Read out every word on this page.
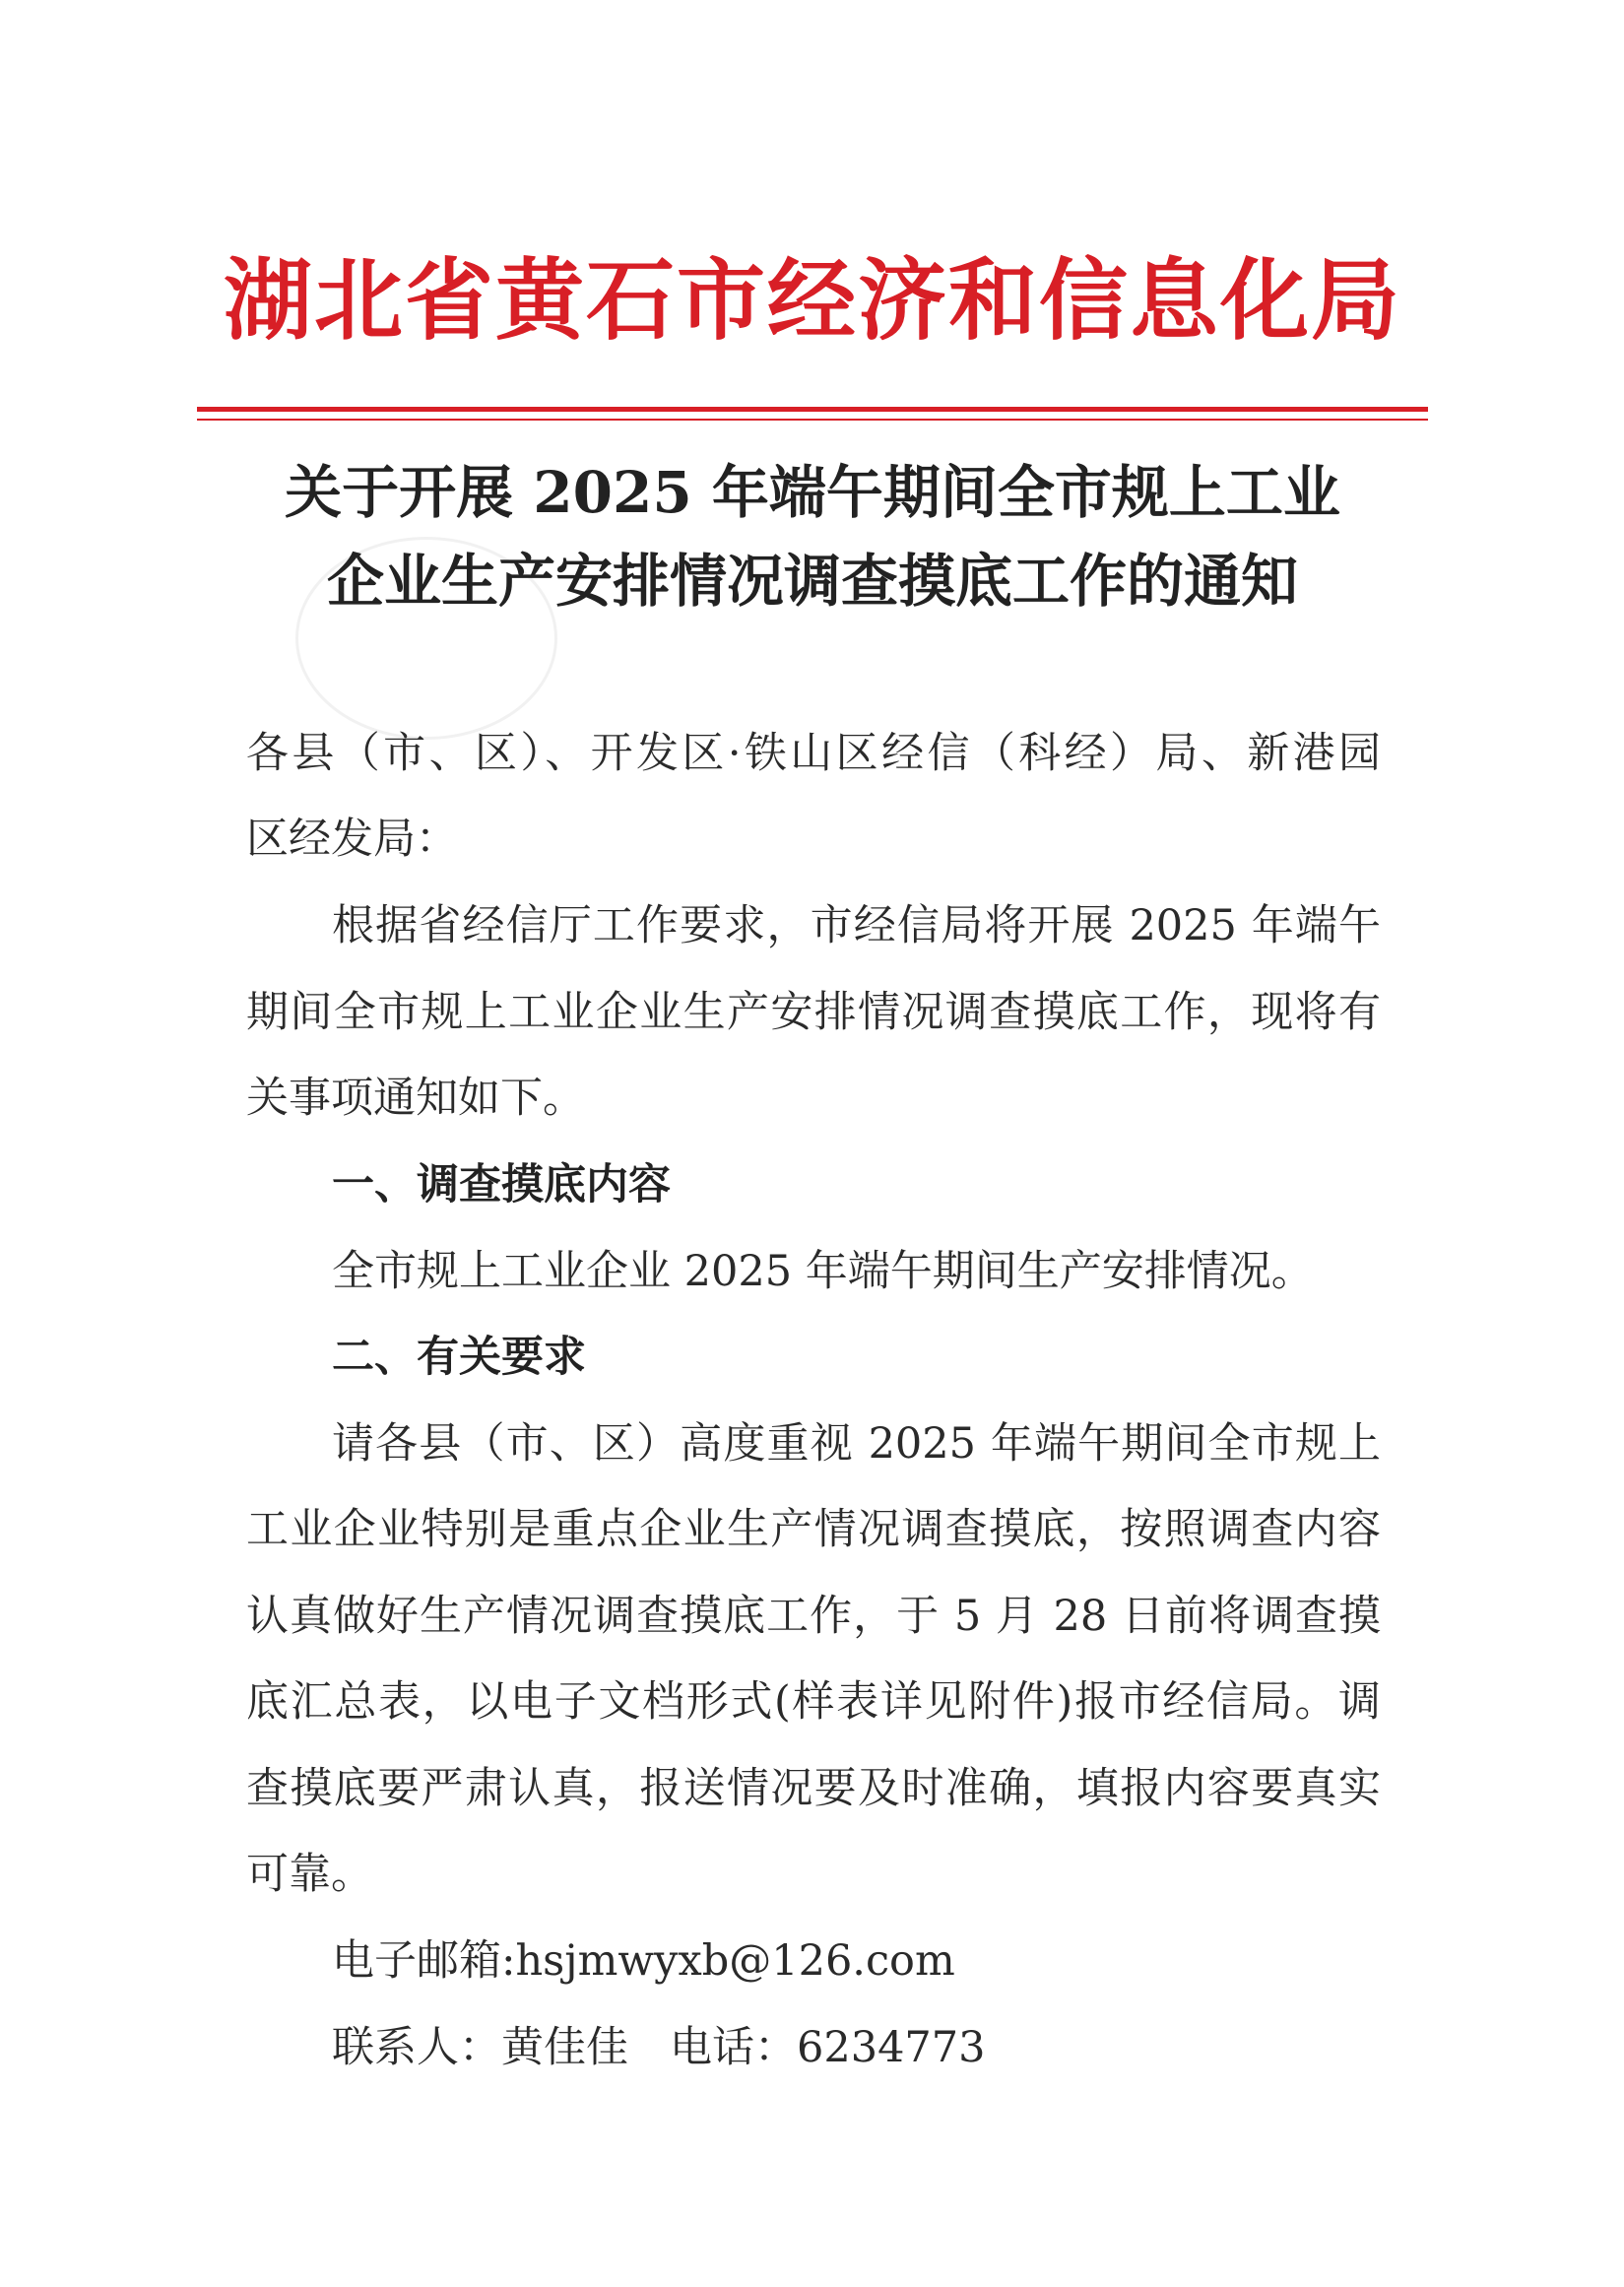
湖北省黄石市经济和信息化局
关于开展 2025 年端午期间全市规上工业
企业生产安排情况调查摸底工作的通知
各县（市、区）、开发区·铁山区经信（科经）局、新港园
区经发局：
根据省经信厅工作要求，市经信局将开展 2025 年端午
期间全市规上工业企业生产安排情况调查摸底工作，现将有
关事项通知如下。
一、调查摸底内容
全市规上工业企业 2025 年端午期间生产安排情况。
二、有关要求
请各县（市、区）高度重视 2025 年端午期间全市规上
工业企业特别是重点企业生产情况调查摸底，按照调查内容
认真做好生产情况调查摸底工作，于 5 月 28 日前将调查摸
底汇总表，以电子文档形式(样表详见附件)报市经信局。调
查摸底要严肃认真，报送情况要及时准确，填报内容要真实
可靠。
电子邮箱:hsjmwyxb@126.com
联系人：黄佳佳 电话：6234773
